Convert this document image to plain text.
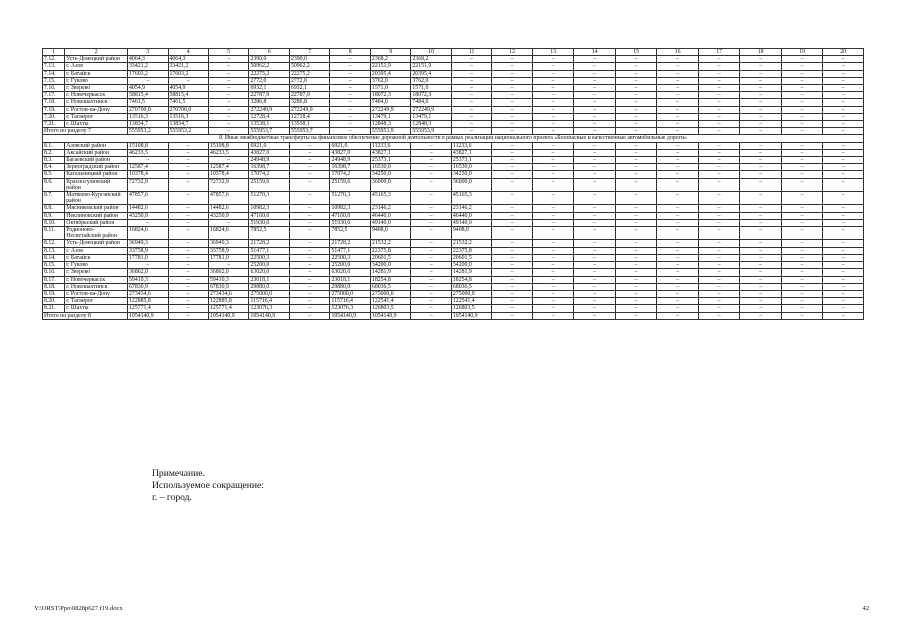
1	2	3	4	5	6	7	8	9	10	11	12	13	14	15	16	17	18	19	20
7.12.	Усть-Донецкий район	4064,3	4064,3	–	2390,0	2390,0	–	2368,2	2368,2	–	–	–	–	–	–	–	–	–	–
7.13.	г. Азов	33421,2	33421,2	–	50962,2	50962,2	–	22151,9	22151,9	–	–	–	–	–	–	–	–	–	–
7.14.	г. Батайск	17603,2	17603,2	–	22275,2	22275,2	–	20395,4	20395,4	–	–	–	–	–	–	–	–	–	–
7.15.	г. Гуково	–	–	–	2772,0	2772,0	–	3762,0	3762,0	–	–	–	–	–	–	–	–	–	–
7.16.	г. Зверево	4054,9	4054,9	–	6932,1	6932,1	–	1571,0	1571,0	–	–	–	–	–	–	–	–	–	–
7.17.	г. Новочеркасск	58815,4	58815,4	–	22787,9	22787,9	–	18072,3	18072,3	–	–	–	–	–	–	–	–	–	–
7.18.	г. Новошахтинск	7461,5	7461,5	–	3286,8	3286,8	–	7484,0	7484,0	–	–	–	–	–	–	–	–	–	–
7.19.	г. Ростов-на-Дону	270700,0	270700,0	–	272249,9	272249,9	–	272249,9	272249,9	–	–	–	–	–	–	–	–	–	–
7.20.	г. Таганрог	13516,3	13516,3	–	12728,4	12728,4	–	13479,1	13479,1	–	–	–	–	–	–	–	–	–	–
7.21.	г. Шахты	13834,7	13834,7	–	13538,1	13538,1	–	12848,3	12848,3	–	–	–	–	–	–	–	–	–	–
Итого по разделу 7		555953,2	555953,2	–	555953,7	555953,7	–	555953,9	555953,9	–	–	–	–	–	–	–	–	–	–
8. Иные межбюджетные трансферты на финансовое обеспечение дорожной деятельности в рамках реализации национального проекта «Безопасные и качественные автомобильные дороги»																			
8.1.	Азовский район	15108,8	–	15108,8	6921,0	–	6921,0	11233,6	–	11233,6	–	–	–	–	–	–	–	–	–
8.2.	Аксайский район	46233,5	–	46233,5	43827,0	–	43827,0	43827,1	–	43827,1	–	–	–	–	–	–	–	–	–
8.3.	Багаевский район	–	–	–	24948,9	–	24948,9	25373,1	–	25373,1	–	–	–	–	–	–	–	–	–
8.4.	Зерноградский район	12587,4	–	12587,4	16398,7	–	16398,7	16530,0	–	16530,0	–	–	–	–	–	–	–	–	–
8.5.	Кагальницкий район	10378,4	–	10378,4	17074,2	–	17074,2	34250,0	–	34250,0	–	–	–	–	–	–	–	–	–
8.6.	Красносулинский район	72732,9	–	72732,9	25159,6	–	25159,6	36000,0	–	36000,0	–	–	–	–	–	–	–	–	–
8.7.	Матвеево-Курганский район	47857,6	–	47857,6	51270,3	–	51270,3	45165,3	–	45165,3	–	–	–	–	–	–	–	–	–
8.8.	Мясниковский район	14482,6	–	14482,6	10982,3	–	10982,3	23146,2	–	23146,2	–	–	–	–	–	–	–	–	–
8.9.	Неклиновский район	43250,9	–	43250,9	47160,0	–	47160,0	46440,0	–	46440,0	–	–	–	–	–	–	–	–	–
8.10.	Октябрьский район	–	–	–	51930,0	–	51930,0	49140,0	–	49140,0	–	–	–	–	–	–	–	–	–
8.11.	Родионово-Несветайский район	16824,6	–	16824,6	7852,5	–	7852,5	9408,0	–	9408,0	–	–	–	–	–	–	–	–	–
8.12.	Усть-Донецкий район	36949,3	–	36949,3	21728,2	–	21728,2	21532,2	–	21532,2	–	–	–	–	–	–	–	–	–
8.13.	г. Азов	33758,9	–	33758,9	51477,1	–	51477,1	22375,8	–	22375,8	–	–	–	–	–	–	–	–	–
8.14.	г. Батайск	17781,0	–	17781,0	22500,3	–	22500,3	20601,5	–	20601,5	–	–	–	–	–	–	–	–	–
8.15.	г. Гуково	–	–	–	25200,0	–	25200,0	34200,0	–	34200,0	–	–	–	–	–	–	–	–	–
8.16.	г. Зверево	36862,0	–	36862,0	63020,0	–	63020,0	14281,9	–	14281,9	–	–	–	–	–	–	–	–	–
8.17.	г. Новочеркасск	59410,3	–	59410,3	23018,1	–	23018,1	18254,8	–	18254,8	–	–	–	–	–	–	–	–	–
8.18.	г. Новошахтинск	67830,9	–	67830,9	29880,0	–	29880,0	68036,5	–	68036,5	–	–	–	–	–	–	–	–	–
8.19.	г. Ростов-на-Дону	273434,6	–	273434,6	275000,0	–	275000,0	275000,0	–	275000,0	–	–	–	–	–	–	–	–	–
8.20.	г. Таганрог	122885,8	–	122885,8	115716,4	–	115716,4	122541,4	–	122541,4	–	–	–	–	–	–	–	–	–
8.21.	г. Шахты	125771,4	–	125771,4	123076,3	–	123076,3	126803,5	–	126803,5	–	–	–	–	–	–	–	–	–
Итого по разделу 8		1054140,9	–	1054140,9	1054140,9	–	1054140,9	1054140,9	–	1054140,9	–	–	–	–	–	–	–	–	–
Примечание.
Используемое сокращение:
г. – город.
Y:\ORST\Ppo\0828p627.f19.docx	42
